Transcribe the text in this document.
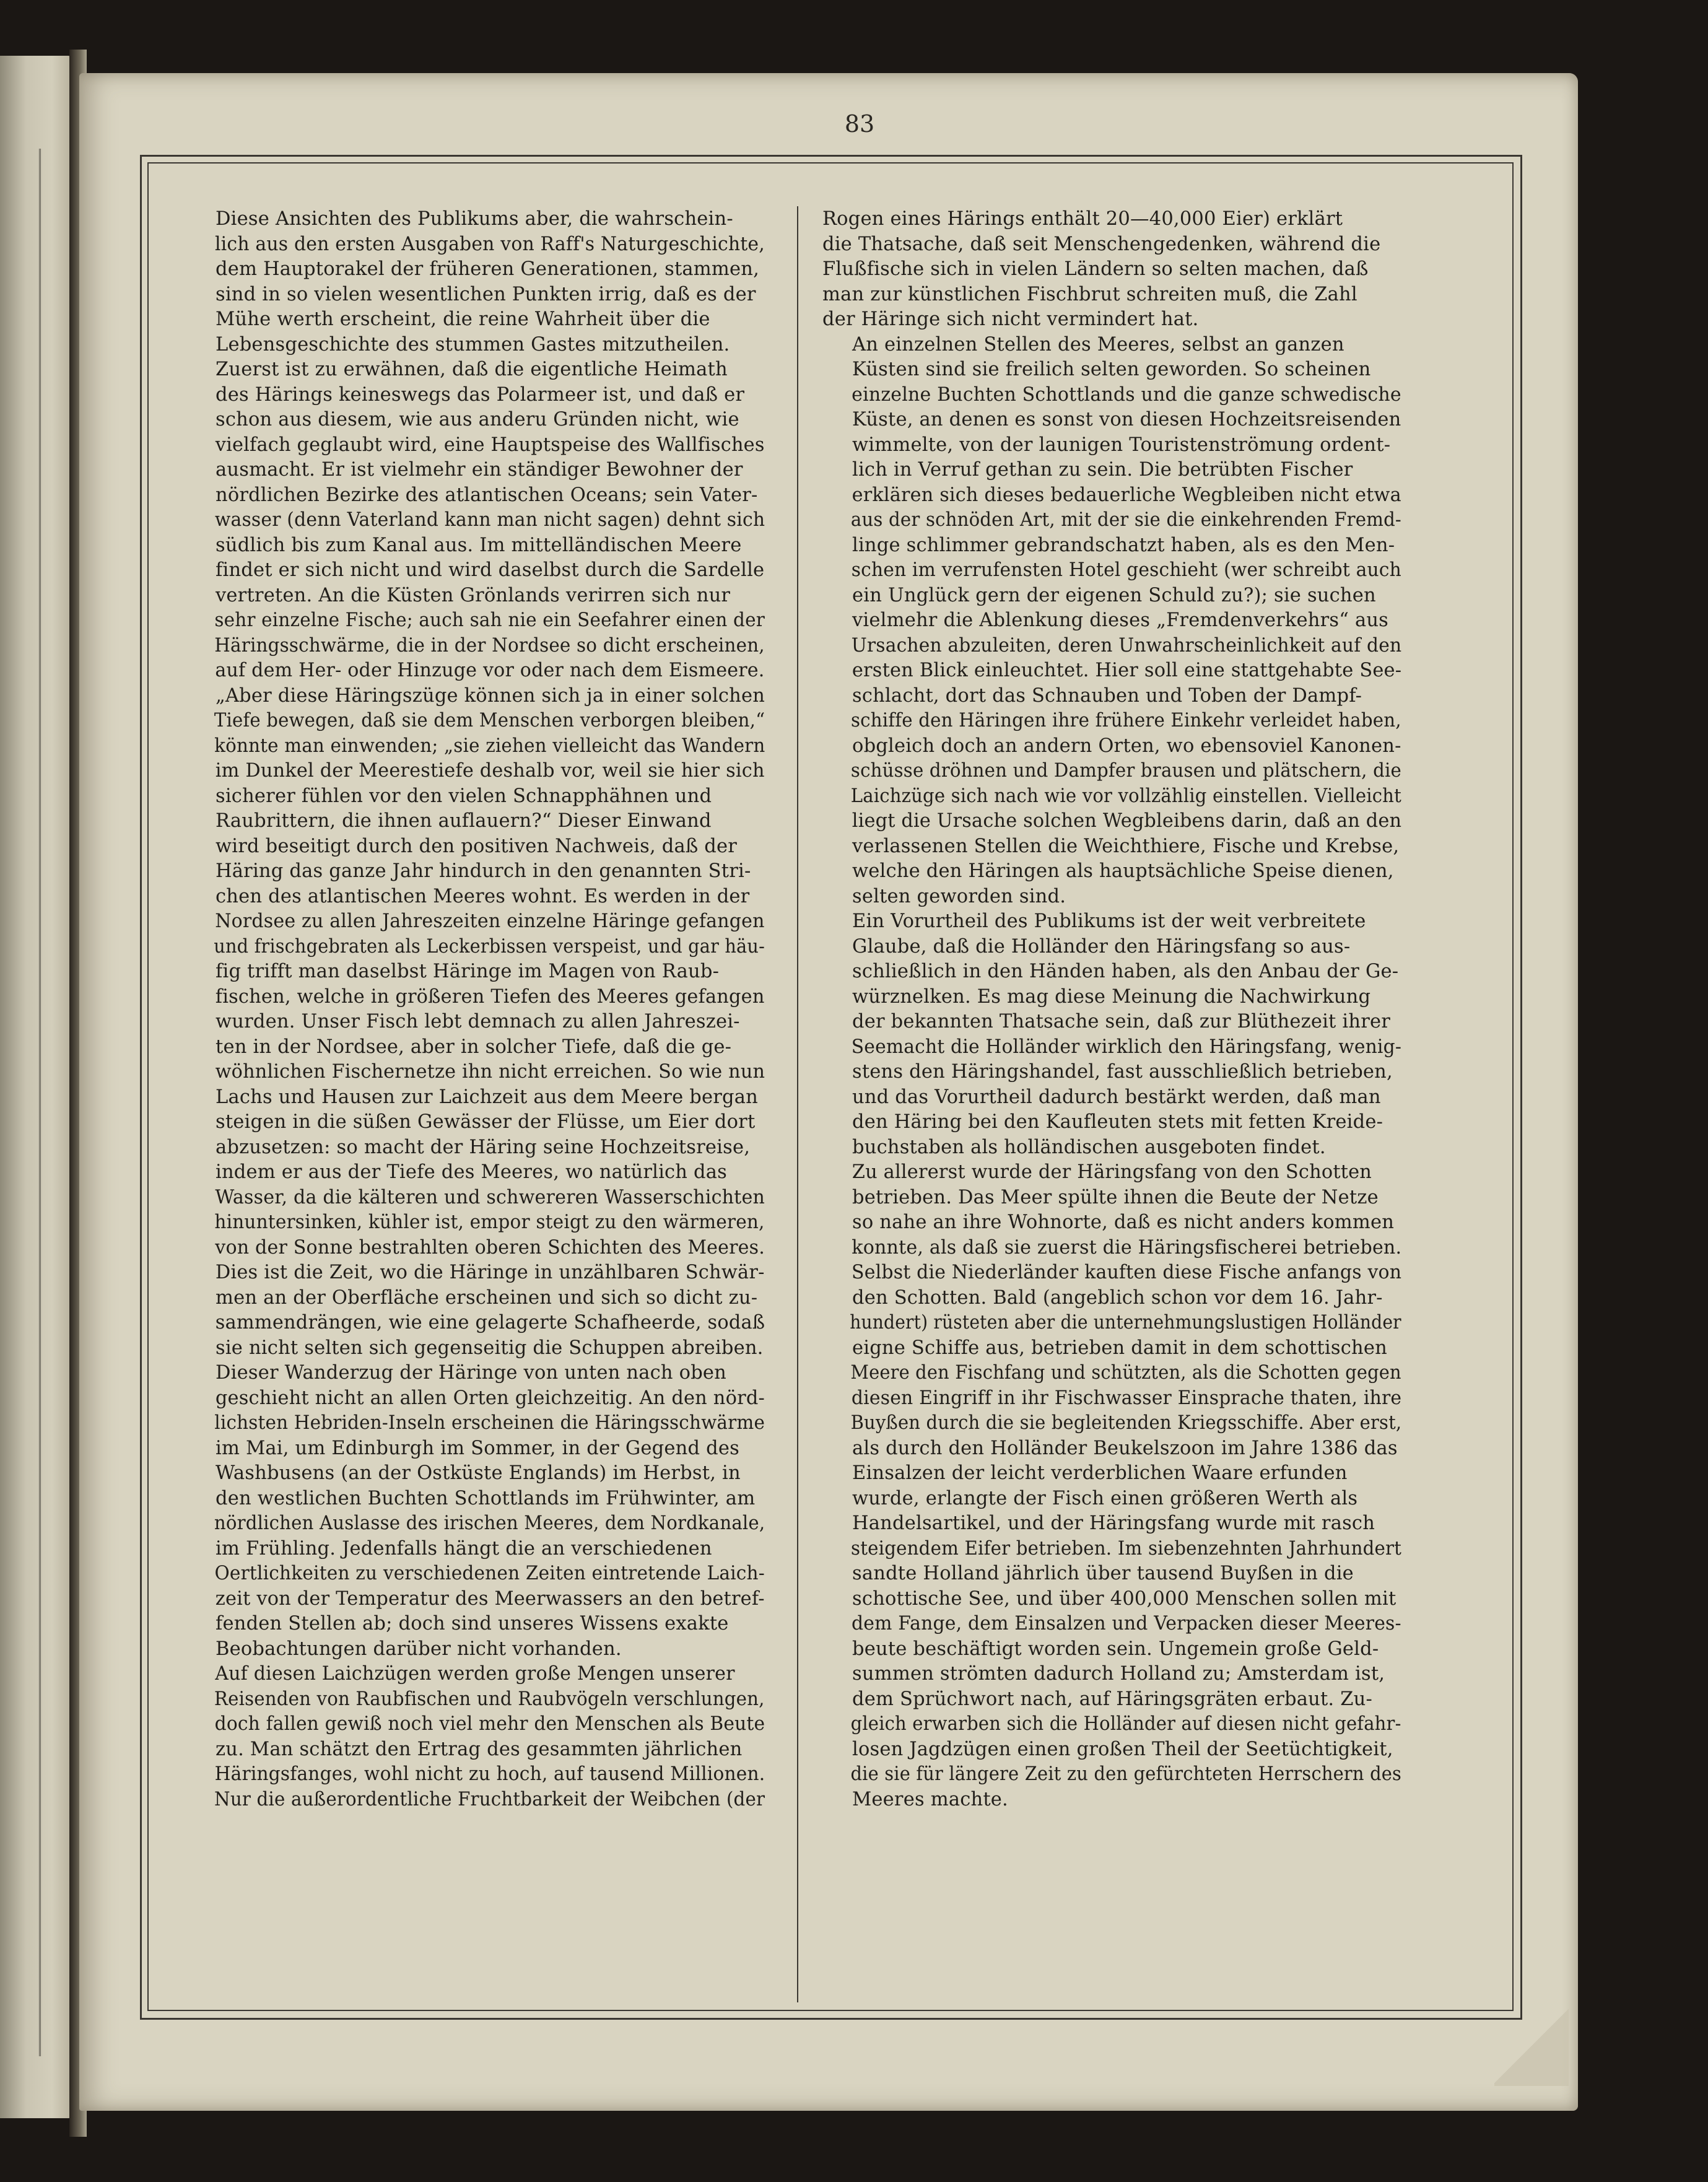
83

Diese Ansichten des Publikums aber, die wahrschein-
lich aus den ersten Ausgaben von Raff's Naturgeschichte,
dem Hauptorakel der früheren Generationen, stammen,
sind in so vielen wesentlichen Punkten irrig, daß es der
Mühe werth erscheint, die reine Wahrheit über die
Lebensgeschichte des stummen Gastes mitzutheilen.

Zuerst ist zu erwähnen, daß die eigentliche Heimath
des Härings keineswegs das Polarmeer ist, und daß er
schon aus diesem, wie aus anderu Gründen nicht, wie
vielfach geglaubt wird, eine Hauptspeise des Wallfisches
ausmacht. Er ist vielmehr ein ständiger Bewohner der
nördlichen Bezirke des atlantischen Oceans; sein Vater-
wasser (denn Vaterland kann man nicht sagen) dehnt sich
südlich bis zum Kanal aus. Im mittelländischen Meere
findet er sich nicht und wird daselbst durch die Sardelle
vertreten. An die Küsten Grönlands verirren sich nur
sehr einzelne Fische; auch sah nie ein Seefahrer einen der
Häringsschwärme, die in der Nordsee so dicht erscheinen,
auf dem Her- oder Hinzuge vor oder nach dem Eismeere.
„Aber diese Häringszüge können sich ja in einer solchen
Tiefe bewegen, daß sie dem Menschen verborgen bleiben,“
könnte man einwenden; „sie ziehen vielleicht das Wandern
im Dunkel der Meerestiefe deshalb vor, weil sie hier sich
sicherer fühlen vor den vielen Schnapphähnen und
Raubrittern, die ihnen auflauern?“ Dieser Einwand
wird beseitigt durch den positiven Nachweis, daß der
Häring das ganze Jahr hindurch in den genannten Stri-
chen des atlantischen Meeres wohnt. Es werden in der
Nordsee zu allen Jahreszeiten einzelne Häringe gefangen
und frischgebraten als Leckerbissen verspeist, und gar häu-
fig trifft man daselbst Häringe im Magen von Raub-
fischen, welche in größeren Tiefen des Meeres gefangen
wurden. Unser Fisch lebt demnach zu allen Jahreszei-
ten in der Nordsee, aber in solcher Tiefe, daß die ge-
wöhnlichen Fischernetze ihn nicht erreichen. So wie nun
Lachs und Hausen zur Laichzeit aus dem Meere bergan
steigen in die süßen Gewässer der Flüsse, um Eier dort
abzusetzen: so macht der Häring seine Hochzeitsreise,
indem er aus der Tiefe des Meeres, wo natürlich das
Wasser, da die kälteren und schwereren Wasserschichten
hinuntersinken, kühler ist, empor steigt zu den wärmeren,
von der Sonne bestrahlten oberen Schichten des Meeres.
Dies ist die Zeit, wo die Häringe in unzählbaren Schwär-
men an der Oberfläche erscheinen und sich so dicht zu-
sammendrängen, wie eine gelagerte Schafheerde, sodaß
sie nicht selten sich gegenseitig die Schuppen abreiben.

Dieser Wanderzug der Häringe von unten nach oben
geschieht nicht an allen Orten gleichzeitig. An den nörd-
lichsten Hebriden-Inseln erscheinen die Häringsschwärme
im Mai, um Edinburgh im Sommer, in der Gegend des
Washbusens (an der Ostküste Englands) im Herbst, in
den westlichen Buchten Schottlands im Frühwinter, am
nördlichen Auslasse des irischen Meeres, dem Nordkanale,
im Frühling. Jedenfalls hängt die an verschiedenen
Oertlichkeiten zu verschiedenen Zeiten eintretende Laich-
zeit von der Temperatur des Meerwassers an den betref-
fenden Stellen ab; doch sind unseres Wissens exakte
Beobachtungen darüber nicht vorhanden.

Auf diesen Laichzügen werden große Mengen unserer
Reisenden von Raubfischen und Raubvögeln verschlungen,
doch fallen gewiß noch viel mehr den Menschen als Beute
zu. Man schätzt den Ertrag des gesammten jährlichen
Häringsfanges, wohl nicht zu hoch, auf tausend Millionen.
Nur die außerordentliche Fruchtbarkeit der Weibchen (der

Rogen eines Härings enthält 20—40,000 Eier) erklärt
die Thatsache, daß seit Menschengedenken, während die
Flußfische sich in vielen Ländern so selten machen, daß
man zur künstlichen Fischbrut schreiten muß, die Zahl
der Häringe sich nicht vermindert hat.

An einzelnen Stellen des Meeres, selbst an ganzen
Küsten sind sie freilich selten geworden. So scheinen
einzelne Buchten Schottlands und die ganze schwedische
Küste, an denen es sonst von diesen Hochzeitsreisenden
wimmelte, von der launigen Touristenströmung ordent-
lich in Verruf gethan zu sein. Die betrübten Fischer
erklären sich dieses bedauerliche Wegbleiben nicht etwa
aus der schnöden Art, mit der sie die einkehrenden Fremd-
linge schlimmer gebrandschatzt haben, als es den Men-
schen im verrufensten Hotel geschieht (wer schreibt auch
ein Unglück gern der eigenen Schuld zu?); sie suchen
vielmehr die Ablenkung dieses „Fremdenverkehrs“ aus
Ursachen abzuleiten, deren Unwahrscheinlichkeit auf den
ersten Blick einleuchtet. Hier soll eine stattgehabte See-
schlacht, dort das Schnauben und Toben der Dampf-
schiffe den Häringen ihre frühere Einkehr verleidet haben,
obgleich doch an andern Orten, wo ebensoviel Kanonen-
schüsse dröhnen und Dampfer brausen und plätschern, die
Laichzüge sich nach wie vor vollzählig einstellen. Vielleicht
liegt die Ursache solchen Wegbleibens darin, daß an den
verlassenen Stellen die Weichthiere, Fische und Krebse,
welche den Häringen als hauptsächliche Speise dienen,
selten geworden sind.

Ein Vorurtheil des Publikums ist der weit verbreitete
Glaube, daß die Holländer den Häringsfang so aus-
schließlich in den Händen haben, als den Anbau der Ge-
würznelken. Es mag diese Meinung die Nachwirkung
der bekannten Thatsache sein, daß zur Blüthezeit ihrer
Seemacht die Holländer wirklich den Häringsfang, wenig-
stens den Häringshandel, fast ausschließlich betrieben,
und das Vorurtheil dadurch bestärkt werden, daß man
den Häring bei den Kaufleuten stets mit fetten Kreide-
buchstaben als holländischen ausgeboten findet.

Zu allererst wurde der Häringsfang von den Schotten
betrieben. Das Meer spülte ihnen die Beute der Netze
so nahe an ihre Wohnorte, daß es nicht anders kommen
konnte, als daß sie zuerst die Häringsfischerei betrieben.
Selbst die Niederländer kauften diese Fische anfangs von
den Schotten. Bald (angeblich schon vor dem 16. Jahr-
hundert) rüsteten aber die unternehmungslustigen Holländer
eigne Schiffe aus, betrieben damit in dem schottischen
Meere den Fischfang und schützten, als die Schotten gegen
diesen Eingriff in ihr Fischwasser Einsprache thaten, ihre
Buyßen durch die sie begleitenden Kriegsschiffe. Aber erst,
als durch den Holländer Beukelszoon im Jahre 1386 das
Einsalzen der leicht verderblichen Waare erfunden
wurde, erlangte der Fisch einen größeren Werth als
Handelsartikel, und der Häringsfang wurde mit rasch
steigendem Eifer betrieben. Im siebenzehnten Jahrhundert
sandte Holland jährlich über tausend Buyßen in die
schottische See, und über 400,000 Menschen sollen mit
dem Fange, dem Einsalzen und Verpacken dieser Meeres-
beute beschäftigt worden sein. Ungemein große Geld-
summen strömten dadurch Holland zu; Amsterdam ist,
dem Sprüchwort nach, auf Häringsgräten erbaut. Zu-
gleich erwarben sich die Holländer auf diesen nicht gefahr-
losen Jagdzügen einen großen Theil der Seetüchtigkeit,
die sie für längere Zeit zu den gefürchteten Herrschern des
Meeres machte.
